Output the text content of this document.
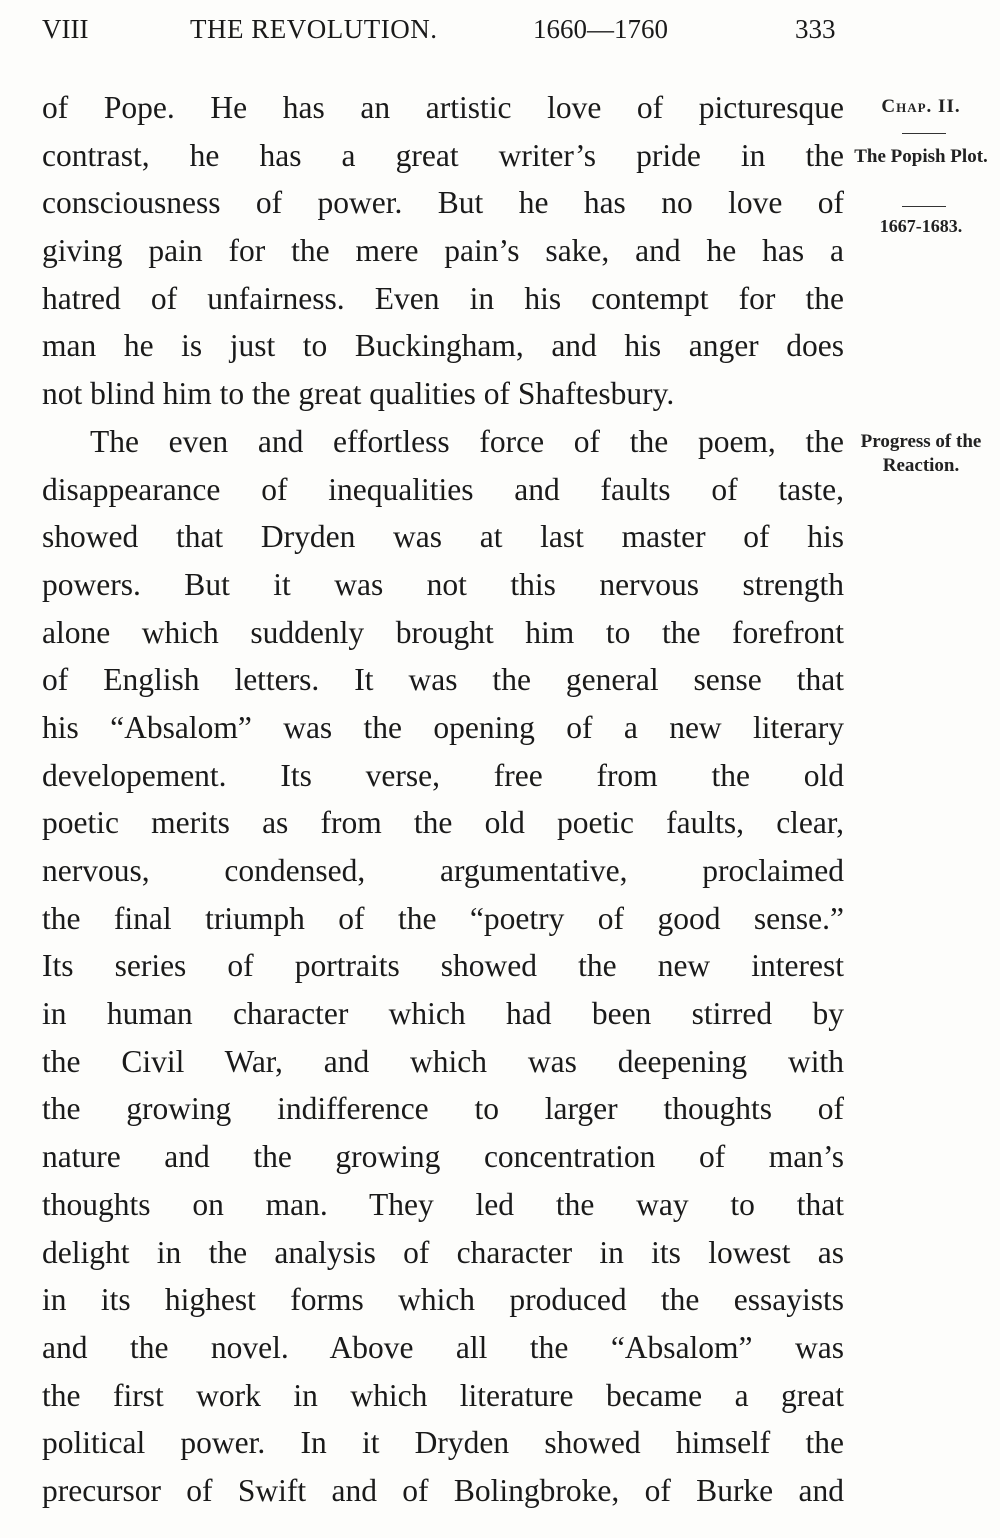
VIII	THE REVOLUTION.	1660—1760	333
of Pope. He has an artistic love of picturesque
contrast, he has a great writer’s pride in the
consciousness of power. But he has no love of
giving pain for the mere pain’s sake, and he has a
hatred of unfairness. Even in his contempt for the
man he is just to Buckingham, and his anger does
not blind him to the great qualities of Shaftesbury.
The even and effortless force of the poem, the
disappearance of inequalities and faults of taste,
showed that Dryden was at last master of his
powers. But it was not this nervous strength
alone which suddenly brought him to the forefront
of English letters. It was the general sense that
his “Absalom” was the opening of a new literary
developement. Its verse, free from the old
poetic merits as from the old poetic faults, clear,
nervous, condensed, argumentative, proclaimed
the final triumph of the “poetry of good sense.”
Its series of portraits showed the new interest
in human character which had been stirred by
the Civil War, and which was deepening with
the growing indifference to larger thoughts of
nature and the growing concentration of man’s
thoughts on man. They led the way to that
delight in the analysis of character in its lowest as
in its highest forms which produced the essayists
and the novel. Above all the “Absalom” was
the first work in which literature became a great
political power. In it Dryden showed himself the
precursor of Swift and of Bolingbroke, of Burke and
Chap. II.
The Popish Plot.
1667-1683.
Progress of the Reaction.
